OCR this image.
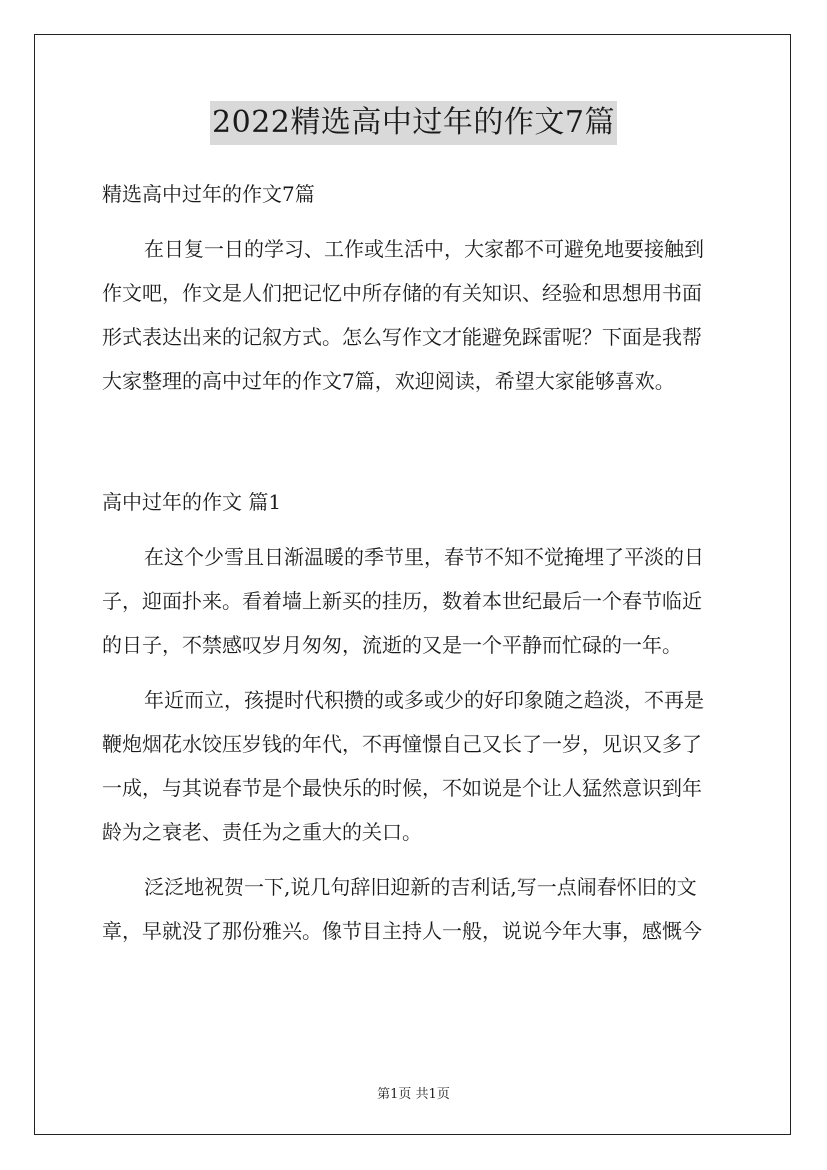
2022精选高中过年的作文7篇
精选高中过年的作文7篇
在日复一日的学习、工作或生活中，大家都不可避免地要接触到
作文吧，作文是人们把记忆中所存储的有关知识、经验和思想用书面
形式表达出来的记叙方式。怎么写作文才能避免踩雷呢？下面是我帮
大家整理的高中过年的作文7篇，欢迎阅读，希望大家能够喜欢。
高中过年的作文 篇1
在这个少雪且日渐温暖的季节里，春节不知不觉掩埋了平淡的日
子，迎面扑来。看着墙上新买的挂历，数着本世纪最后一个春节临近
的日子，不禁感叹岁月匆匆，流逝的又是一个平静而忙碌的一年。
年近而立，孩提时代积攒的或多或少的好印象随之趋淡，不再是
鞭炮烟花水饺压岁钱的年代，不再憧憬自己又长了一岁，见识又多了
一成，与其说春节是个最快乐的时候，不如说是个让人猛然意识到年
龄为之衰老、责任为之重大的关口。
泛泛地祝贺一下,说几句辞旧迎新的吉利话,写一点闹春怀旧的文
章，早就没了那份雅兴。像节目主持人一般，说说今年大事，感慨今
第1页 共1页
